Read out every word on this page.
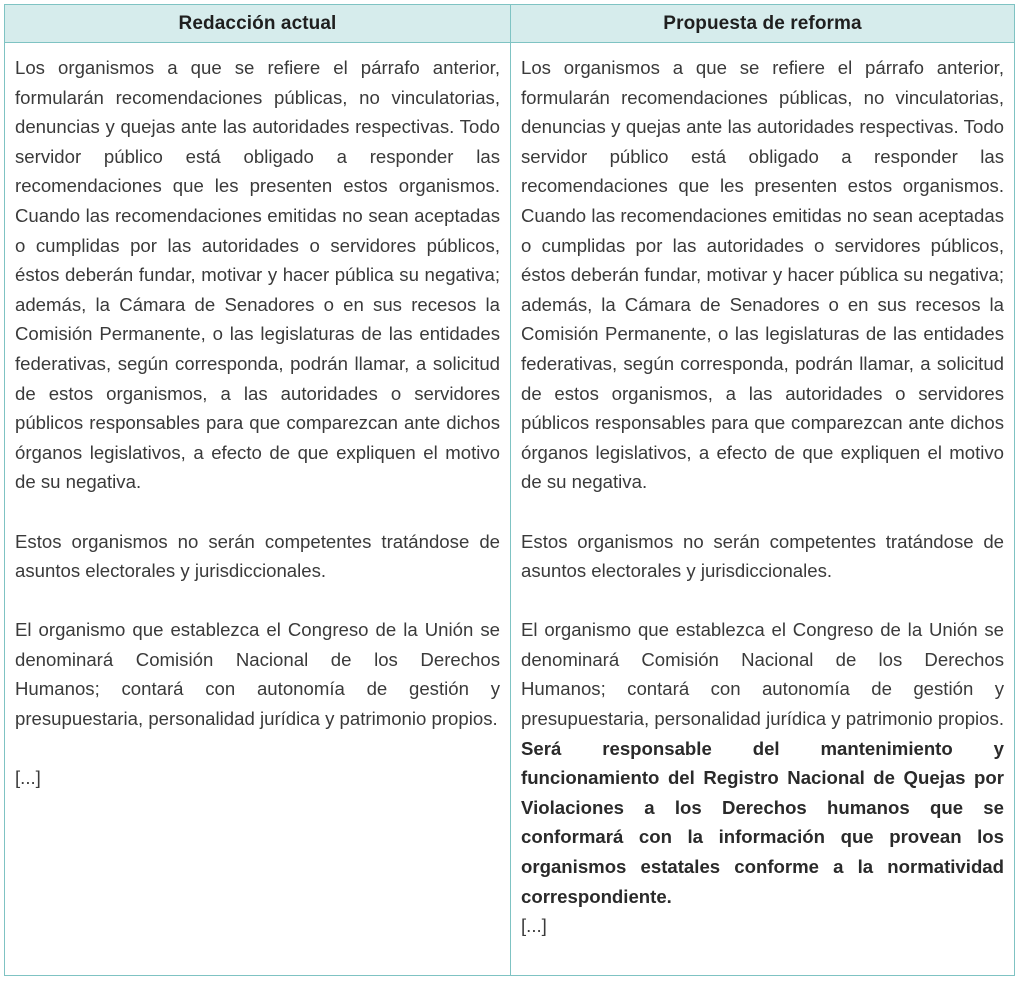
Redacción actual	Propuesta de reforma

Los organismos a que se refiere el párrafo anterior, formularán recomendaciones públicas, no vinculatorias, denuncias y quejas ante las autoridades respectivas. Todo servidor público está obligado a responder las recomendaciones que les presenten estos organismos. Cuando las recomendaciones emitidas no sean aceptadas o cumplidas por las autoridades o servidores públicos, éstos deberán fundar, motivar y hacer pública su negativa; además, la Cámara de Senadores o en sus recesos la Comisión Permanente, o las legislaturas de las entidades federativas, según corresponda, podrán llamar, a solicitud de estos organismos, a las autoridades o servidores públicos responsables para que comparezcan ante dichos órganos legislativos, a efecto de que expliquen el motivo de su negativa.

Estos organismos no serán competentes tratándose de asuntos electorales y jurisdiccionales.

El organismo que establezca el Congreso de la Unión se denominará Comisión Nacional de los Derechos Humanos; contará con autonomía de gestión y presupuestaria, personalidad jurídica y patrimonio propios.

[...]

Los organismos a que se refiere el párrafo anterior, formularán recomendaciones públicas, no vinculatorias, denuncias y quejas ante las autoridades respectivas. Todo servidor público está obligado a responder las recomendaciones que les presenten estos organismos. Cuando las recomendaciones emitidas no sean aceptadas o cumplidas por las autoridades o servidores públicos, éstos deberán fundar, motivar y hacer pública su negativa; además, la Cámara de Senadores o en sus recesos la Comisión Permanente, o las legislaturas de las entidades federativas, según corresponda, podrán llamar, a solicitud de estos organismos, a las autoridades o servidores públicos responsables para que comparezcan ante dichos órganos legislativos, a efecto de que expliquen el motivo de su negativa.

Estos organismos no serán competentes tratándose de asuntos electorales y jurisdiccionales.

El organismo que establezca el Congreso de la Unión se denominará Comisión Nacional de los Derechos Humanos; contará con autonomía de gestión y presupuestaria, personalidad jurídica y patrimonio propios. Será responsable del mantenimiento y funcionamiento del Registro Nacional de Quejas por Violaciones a los Derechos humanos que se conformará con la información que provean los organismos estatales conforme a la normatividad correspondiente.

[...]
